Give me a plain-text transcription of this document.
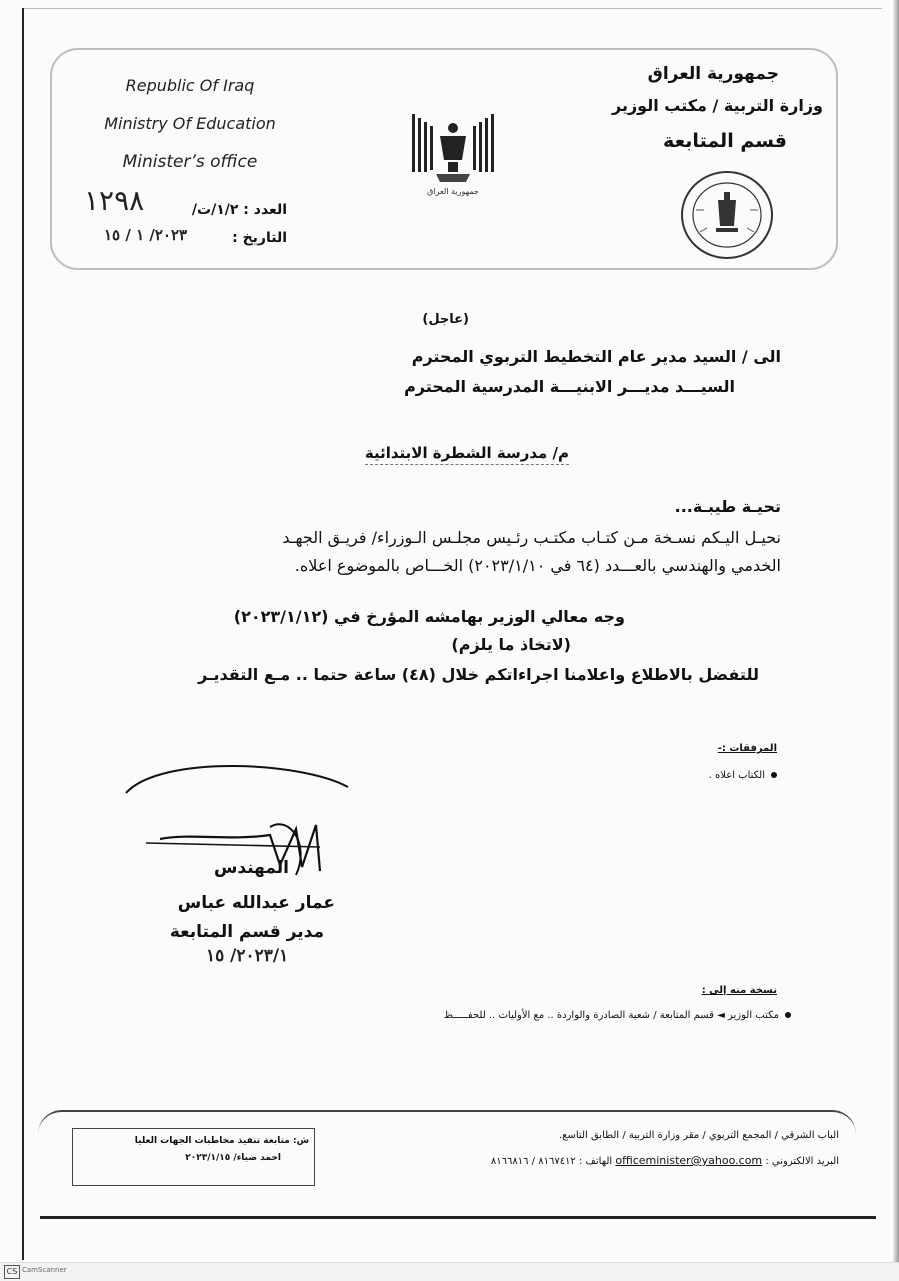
Republic Of Iraq
Ministry Of Education
Minister’s office
جمهورية العراق
وزارة التربية / مكتب الوزير
قسم المتابعة
جمهورية العراق
العدد : ١/٢/ت/
١٢٩٨
التاريخ :
٢٠٢٣/ ١ / ١٥
(عاجل)
الى / السيد مدير عام التخطيط التربوي المحترم
السيـــد مديـــر الابنيـــة المدرسية المحترم
م/ مدرسة الشطرة الابتدائية
تحيـة طيبـة...
نحيـل اليـكم نسـخة مـن كتـاب مكتـب رئـيس مجلـس الـوزراء/ فريـق الجهـد
الخدمي والهندسي بالعـــدد (٦٤ في ٢٠٢٣/١/١٠) الخـــاص بالموضوع اعلاه.
وجه معالي الوزير بهامشه المؤرخ في (٢٠٢٣/١/١٢)
(لاتخاذ ما يلزم)
للتفضل بالاطلاع واعلامنا اجراءاتكم خلال (٤٨) ساعة حتما .. مـع التقديـر
المرفقات :-
الكتاب اعلاه .
المهندس
عمار عبدالله عباس
مدير قسم المتابعة
٢٠٢٣/١/ ١٥
نسخة منه إلى :
مكتب الوزير ◄ قسم المتابعة / شعبة الصادرة والواردة .. مع الأوليات .. للحفـــــظ
الباب الشرقي / المجمع التربوي / مقر وزارة التربية / الطابق التاسع.
البريد الالكتروني : officeminister@yahoo.com الهاتف : ٨١٦٧٤١٢ / ٨١٦٦٨١٦
ش: متابعة تنفيذ مخاطبات الجهات العليا
احمد ضياء/ ٢٠٢٣/١/١٥
CS CamScanner
